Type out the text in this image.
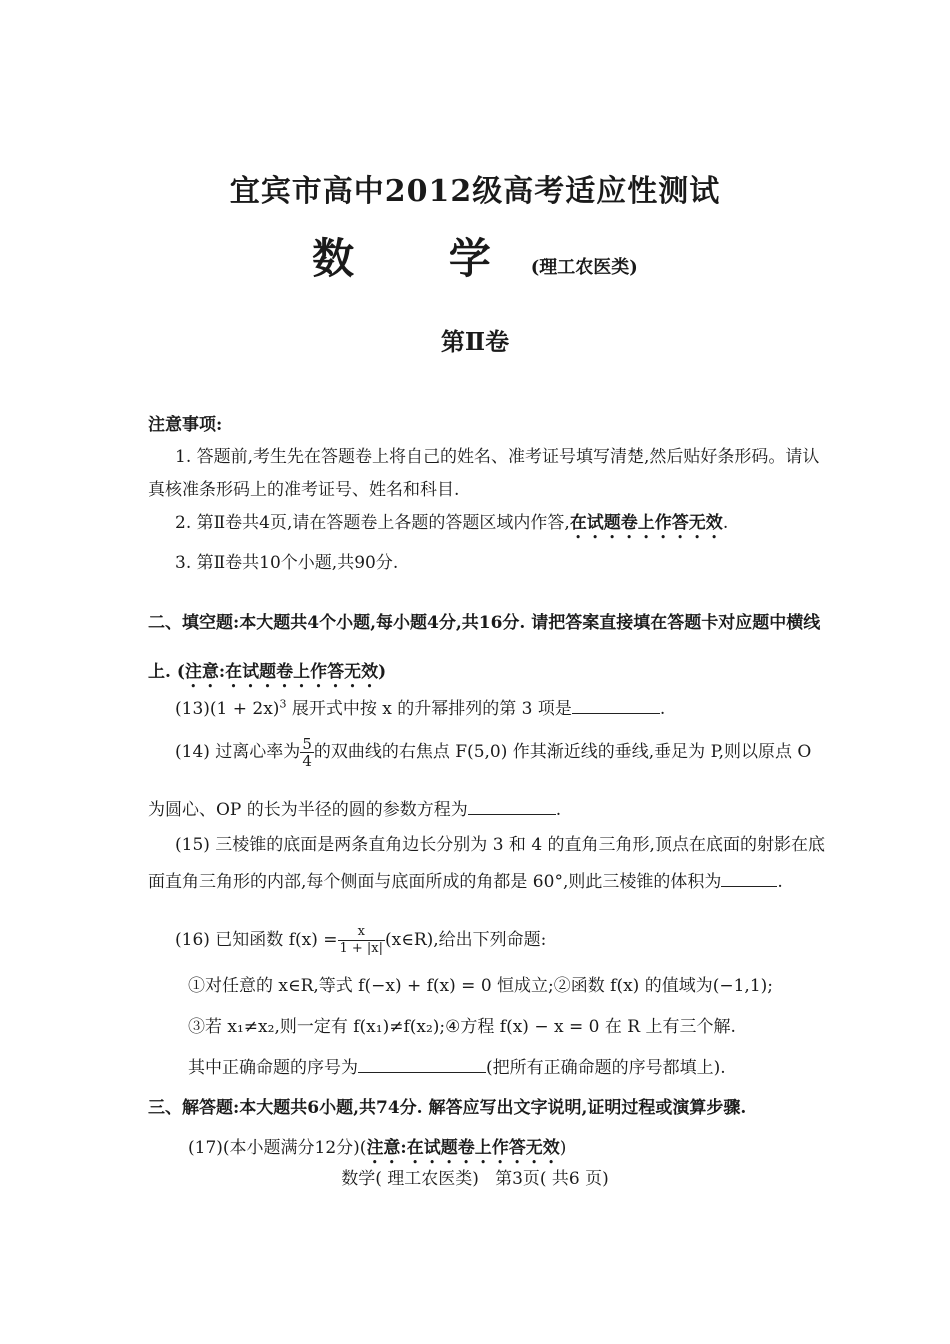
宜宾市高中2012级高考适应性测试
数 学(理工农医类)
第Ⅱ卷
注意事项:
1. 答题前,考生先在答题卷上将自己的姓名、准考证号填写清楚,然后贴好条形码。请认
真核准条形码上的准考证号、姓名和科目.
2. 第Ⅱ卷共4页,请在答题卷上各题的答题区域内作答,在试题卷上作答无效.
3. 第Ⅱ卷共10个小题,共90分.
二、填空题:本大题共4个小题,每小题4分,共16分. 请把答案直接填在答题卡对应题中横线
上. (注意:在试题卷上作答无效)
$(13)(1 + 2x)^3$ 展开式中按 x 的升幂排列的第 3 项是	.
(14) 过离心率为 $\frac{5}{4}$ 的双曲线的右焦点 F(5,0) 作其渐近线的垂线,垂足为 P,则以原点 O
为圆心、OP 的长为半径的圆的参数方程为	.
(15) 三棱锥的底面是两条直角边长分别为 3 和 4 的直角三角形,顶点在底面的射影在底
面直角三角形的内部,每个侧面与底面所成的角都是 60°,则此三棱锥的体积为	.
(16) 已知函数 $f(x) = \frac{x}{1 + |x|}$ (x∈R),给出下列命题:
①对任意的 x∈R,等式 f(−x) + f(x) = 0 恒成立;②函数 f(x) 的值域为(−1,1);
③若 x₁≠x₂,则一定有 f(x₁)≠f(x₂);④方程 f(x) − x = 0 在 R 上有三个解.
其中正确命题的序号为	(把所有正确命题的序号都填上).
三、解答题:本大题共6小题,共74分. 解答应写出文字说明,证明过程或演算步骤.
(17)(本小题满分12分)(注意:在试题卷上作答无效)
数学( 理工农医类)   第3页( 共6 页)
